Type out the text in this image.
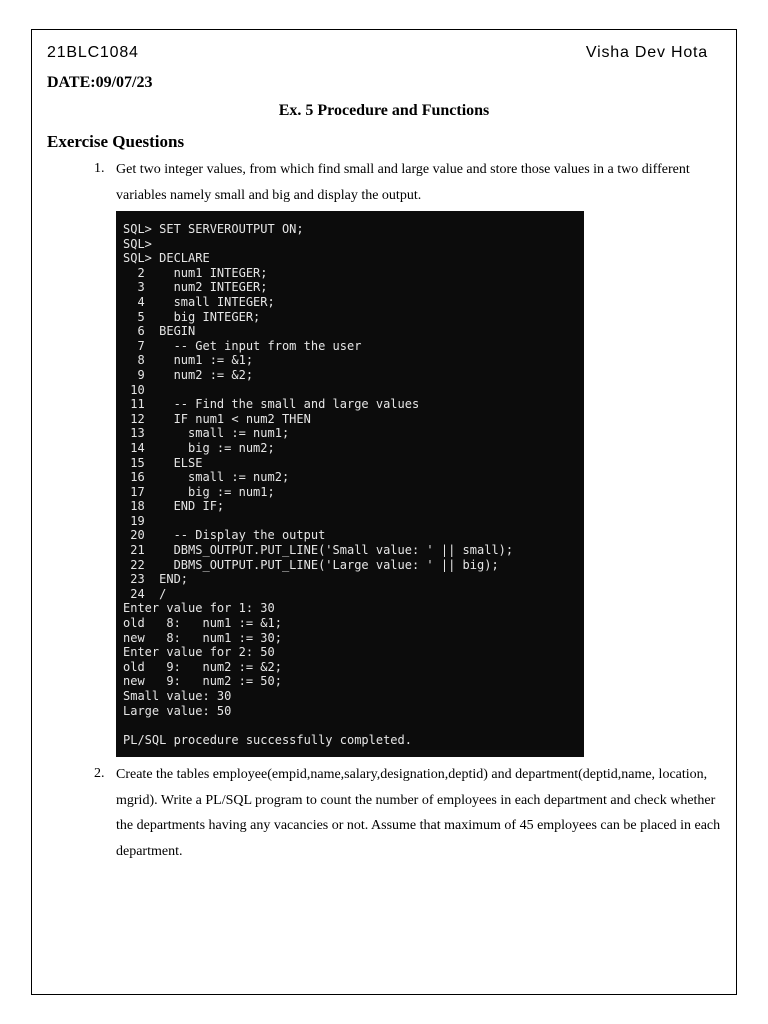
21BLC1084	Visha Dev Hota
DATE:09/07/23
Ex. 5 Procedure and Functions
Exercise Questions
1. Get two integer values, from which find small and large value and store those values in a two different variables namely small and big and display the output.
SQL> SET SERVEROUTPUT ON;
SQL>
SQL> DECLARE
2    num1 INTEGER;
3    num2 INTEGER;
4    small INTEGER;
5    big INTEGER;
6  BEGIN
7    -- Get input from the user
8    num1 := &1;
9    num2 := &2;
10
11    -- Find the small and large values
12    IF num1 < num2 THEN
13      small := num1;
14      big := num2;
15    ELSE
16      small := num2;
17      big := num1;
18    END IF;
19
20    -- Display the output
21    DBMS_OUTPUT.PUT_LINE('Small value: ' || small);
22    DBMS_OUTPUT.PUT_LINE('Large value: ' || big);
23  END;
24  /
Enter value for 1: 30
old   8:   num1 := &1;
new   8:   num1 := 30;
Enter value for 2: 50
old   9:   num2 := &2;
new   9:   num2 := 50;
Small value: 30
Large value: 50

PL/SQL procedure successfully completed.
2. Create the tables employee(empid,name,salary,designation,deptid) and department(deptid,name, location, mgrid). Write a PL/SQL program to count the number of employees in each department and check whether the departments having any vacancies or not. Assume that maximum of 45 employees can be placed in each department.
